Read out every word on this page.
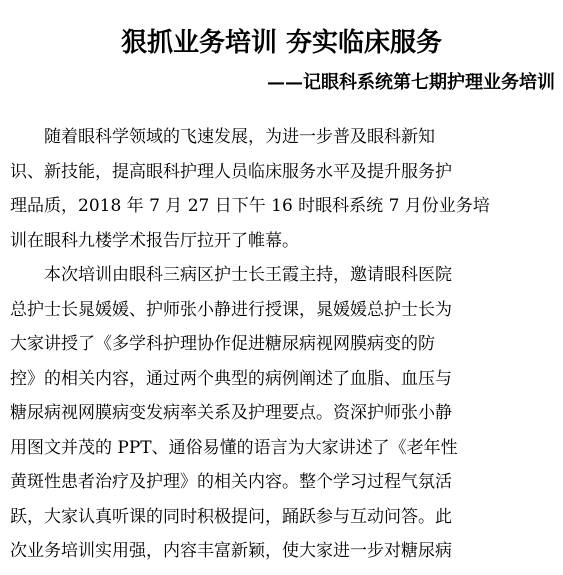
狠抓业务培训 夯实临床服务
——记眼科系统第七期护理业务培训
随着眼科学领域的飞速发展，为进一步普及眼科新知
识、新技能，提高眼科护理人员临床服务水平及提升服务护
理品质，2018 年 7 月 27 日下午 16 时眼科系统 7 月份业务培
训在眼科九楼学术报告厅拉开了帷幕。
本次培训由眼科三病区护士长王霞主持，邀请眼科医院
总护士长晁媛媛、护师张小静进行授课，晁媛媛总护士长为
大家讲授了《多学科护理协作促进糖尿病视网膜病变的防
控》的相关内容，通过两个典型的病例阐述了血脂、血压与
糖尿病视网膜病变发病率关系及护理要点。资深护师张小静
用图文并茂的 PPT、通俗易懂的语言为大家讲述了《老年性
黄斑性患者治疗及护理》的相关内容。整个学习过程气氛活
跃，大家认真听课的同时积极提问，踊跃参与互动问答。此
次业务培训实用强，内容丰富新颖，使大家进一步对糖尿病
